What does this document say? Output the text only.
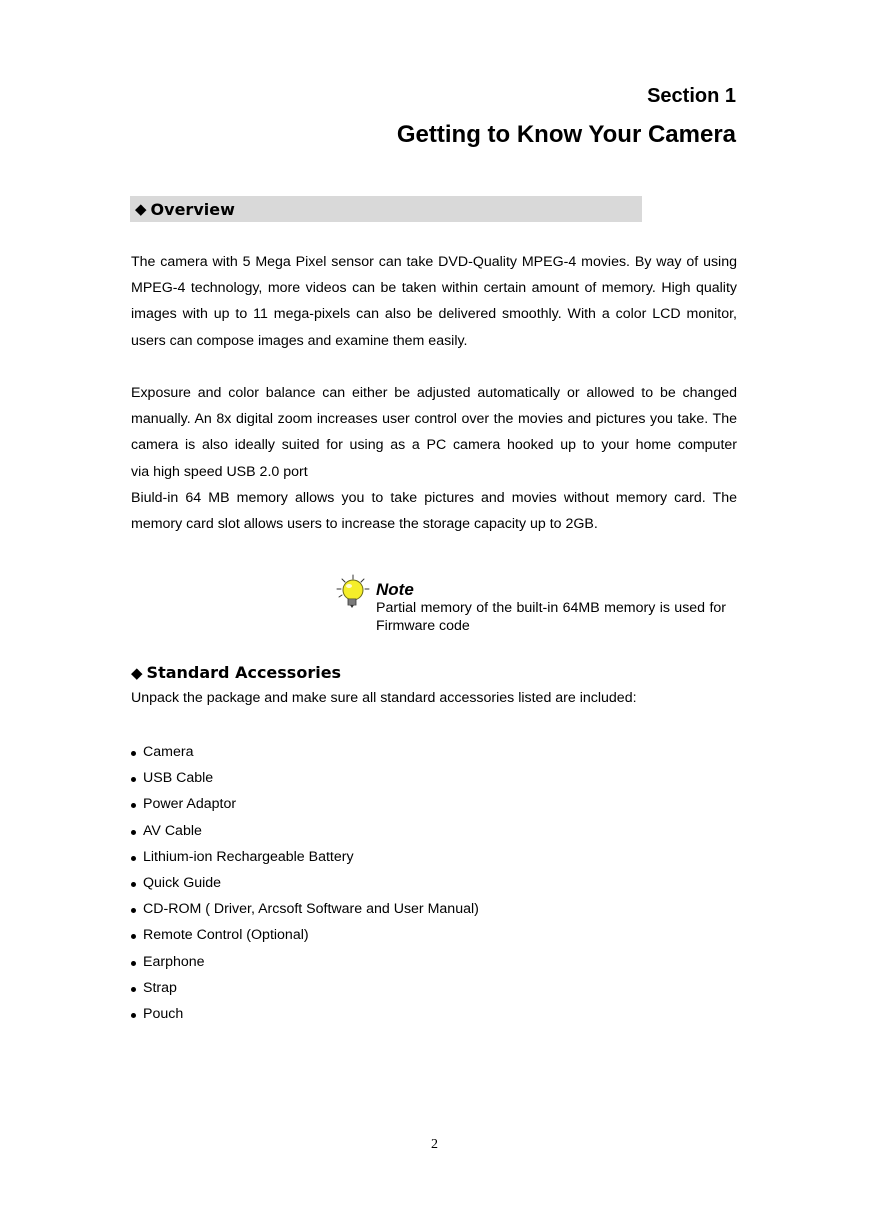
Section 1
Getting to Know Your Camera
◆ Overview

The camera with 5 Mega Pixel sensor can take DVD-Quality MPEG-4 movies. By way of using MPEG-4 technology, more videos can be taken within certain amount of memory. High quality images with up to 11 mega-pixels can also be delivered smoothly. With a color LCD monitor,
users can compose images and examine them easily.

Exposure and color balance can either be adjusted automatically or allowed to be changed manually. An 8x digital zoom increases user control over the movies and pictures you take. The camera is also ideally suited for using as a PC camera hooked up to your home computer
via high speed USB 2.0 port

Biuld-in 64 MB memory allows you to take pictures and movies without memory card. The
memory card slot allows users to increase the storage capacity up to 2GB.

Note

Partial memory of the built-in 64MB memory is used for Firmware code

◆ Standard Accessories

Unpack the package and make sure all standard accessories listed are included:

Camera
USB Cable
Power Adaptor
AV Cable
Lithium-ion Rechargeable Battery
Quick Guide
CD-ROM ( Driver, Arcsoft Software and User Manual)
Remote Control (Optional)
Earphone
Strap
Pouch
2
